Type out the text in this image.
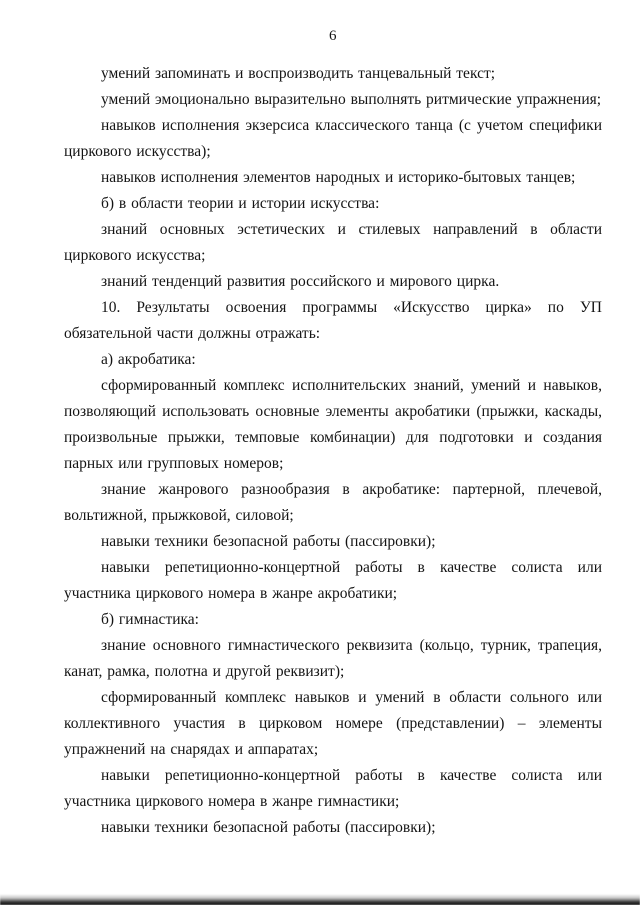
6

умений запоминать и воспроизводить танцевальный текст;

умений эмоционально выразительно выполнять ритмические упражнения;

навыков исполнения экзерсиса классического танца (с учетом специфики циркового искусства);

навыков исполнения элементов народных и историко-бытовых танцев;

б) в области теории и истории искусства:

знаний основных эстетических и стилевых направлений в области циркового искусства;

знаний тенденций развития российского и мирового цирка.

10. Результаты освоения программы «Искусство цирка» по УП обязательной части должны отражать:

а) акробатика:

сформированный комплекс исполнительских знаний, умений и навыков, позволяющий использовать основные элементы акробатики (прыжки, каскады, произвольные прыжки, темповые комбинации) для подготовки и создания парных или групповых номеров;

знание жанрового разнообразия в акробатике: партерной, плечевой, вольтижной, прыжковой, силовой;

навыки техники безопасной работы (пассировки);

навыки репетиционно-концертной работы в качестве солиста или участника циркового номера в жанре акробатики;

б) гимнастика:

знание основного гимнастического реквизита (кольцо, турник, трапеция, канат, рамка, полотна и другой реквизит);

сформированный комплекс навыков и умений в области сольного или коллективного участия в цирковом номере (представлении) – элементы упражнений на снарядах и аппаратах;

навыки репетиционно-концертной работы в качестве солиста или участника циркового номера в жанре гимнастики;

навыки техники безопасной работы (пассировки);
